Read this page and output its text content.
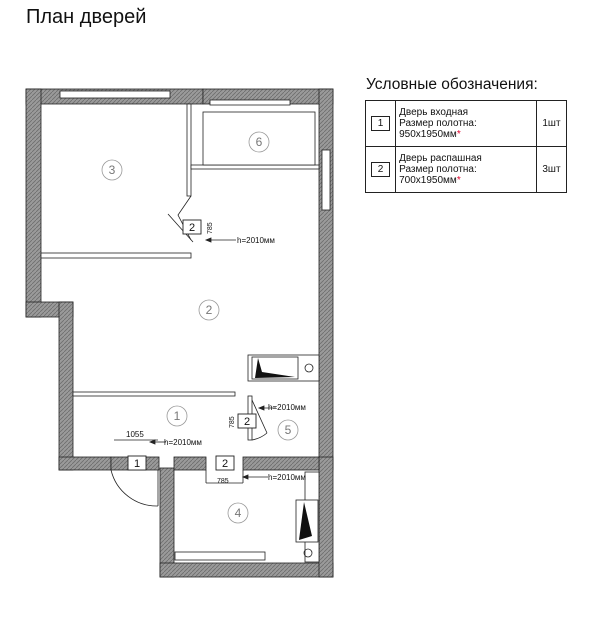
План дверей
Условные обозначения:
1	Дверь входная
Размер полотна:
950x1950мм*	1шт
2	Дверь распашная
Размер полотна:
700x1950мм*	3шт
3
6
2
1
5
4
1
2
2
2
h=2010мм
h=2010мм
h=2010мм
h=2010мм
1055
785
785
785
